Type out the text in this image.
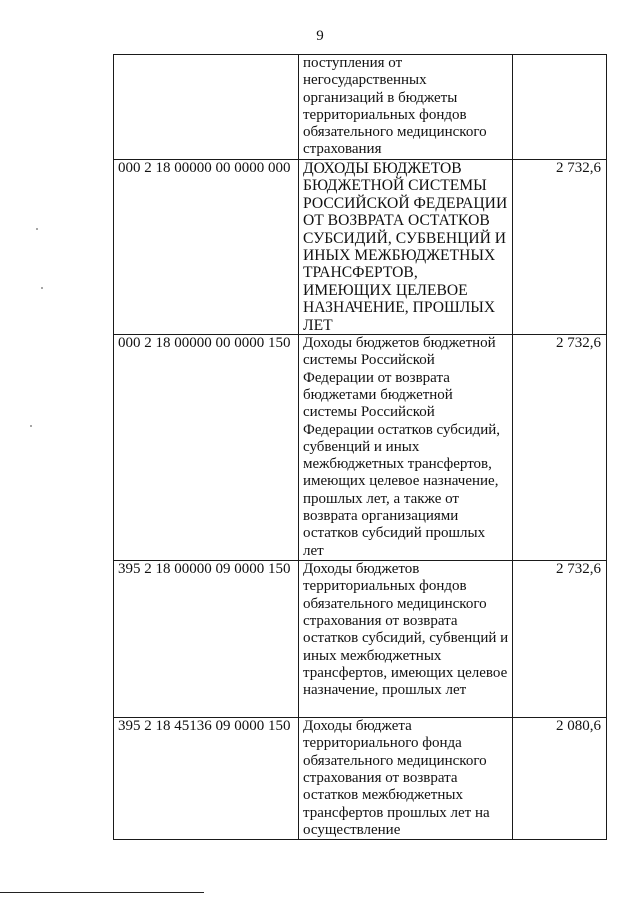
9
	поступления от негосударственных организаций в бюджеты территориальных фондов обязательного медицинского страхования	
000 2 18 00000 00 0000 000	ДОХОДЫ БЮДЖЕТОВ БЮДЖЕТНОЙ СИСТЕМЫ РОССИЙСКОЙ ФЕДЕРАЦИИ ОТ ВОЗВРАТА ОСТАТКОВ СУБСИДИЙ, СУБВЕНЦИЙ И ИНЫХ МЕЖБЮДЖЕТНЫХ ТРАНСФЕРТОВ, ИМЕЮЩИХ ЦЕЛЕВОЕ НАЗНАЧЕНИЕ, ПРОШЛЫХ ЛЕТ	2 732,6
000 2 18 00000 00 0000 150	Доходы бюджетов бюджетной системы Российской Федерации от возврата бюджетами бюджетной системы Российской Федерации остатков субсидий, субвенций и иных межбюджетных трансфертов, имеющих целевое назначение, прошлых лет, а также от возврата организациями остатков субсидий прошлых лет	2 732,6
395 2 18 00000 09 0000 150	Доходы бюджетов территориальных фондов обязательного медицинского страхования от возврата остатков субсидий, субвенций и иных межбюджетных трансфертов, имеющих целевое назначение, прошлых лет	2 732,6
395 2 18 45136 09 0000 150	Доходы бюджета территориального фонда обязательного медицинского страхования от возврата остатков межбюджетных трансфертов прошлых лет на осуществление	2 080,6
